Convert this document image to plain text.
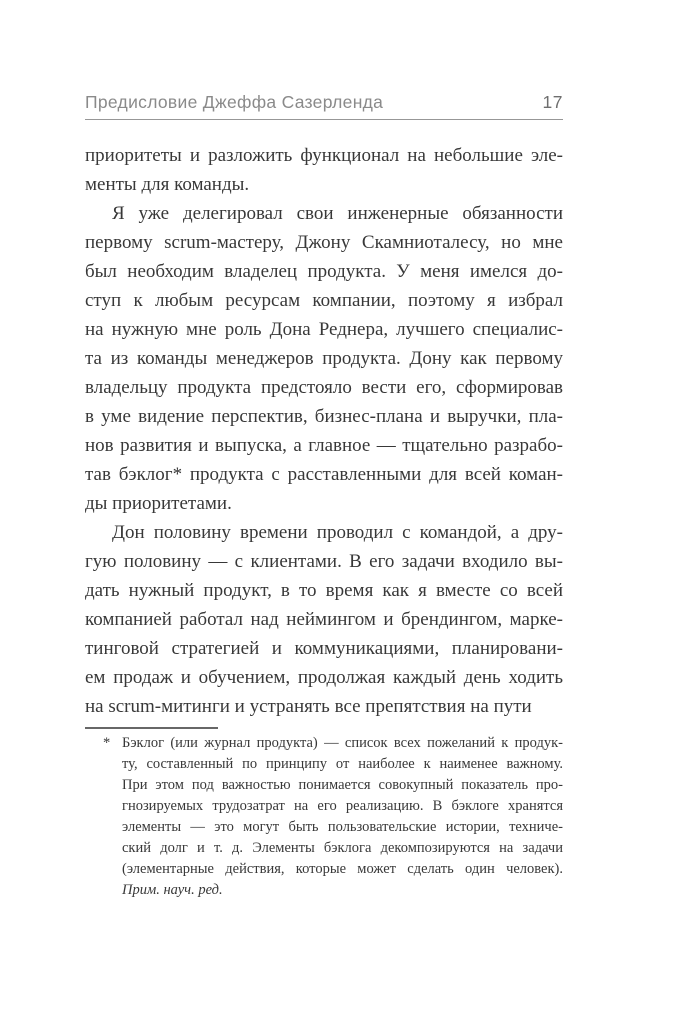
Предисловие Джеффа Сазерленда	17
приоритеты и разложить функционал на небольшие эле-
менты для команды.
Я уже делегировал свои инженерные обязанности
первому scrum-мастеру, Джону Скамниоталесу, но мне
был необходим владелец продукта. У меня имелся до-
ступ к любым ресурсам компании, поэтому я избрал
на нужную мне роль Дона Реднера, лучшего специалис-
та из команды менеджеров продукта. Дону как первому
владельцу продукта предстояло вести его, сформировав
в уме видение перспектив, бизнес-плана и выручки, пла-
нов развития и выпуска, а главное — тщательно разрабо-
тав бэклог* продукта с расставленными для всей коман-
ды приоритетами.
Дон половину времени проводил с командой, а дру-
гую половину — с клиентами. В его задачи входило вы-
дать нужный продукт, в то время как я вместе со всей
компанией работал над неймингом и брендингом, марке-
тинговой стратегией и коммуникациями, планировани-
ем продаж и обучением, продолжая каждый день ходить
на scrum-митинги и устранять все препятствия на пути
* Бэклог (или журнал продукта) — список всех пожеланий к продук-
ту, составленный по принципу от наиболее к наименее важному.
При этом под важностью понимается совокупный показатель про-
гнозируемых трудозатрат на его реализацию. В бэклоге хранятся
элементы — это могут быть пользовательские истории, техниче-
ский долг и т. д. Элементы бэклога декомпозируются на задачи
(элементарные действия, которые может сделать один человек).
Прим. науч. ред.
